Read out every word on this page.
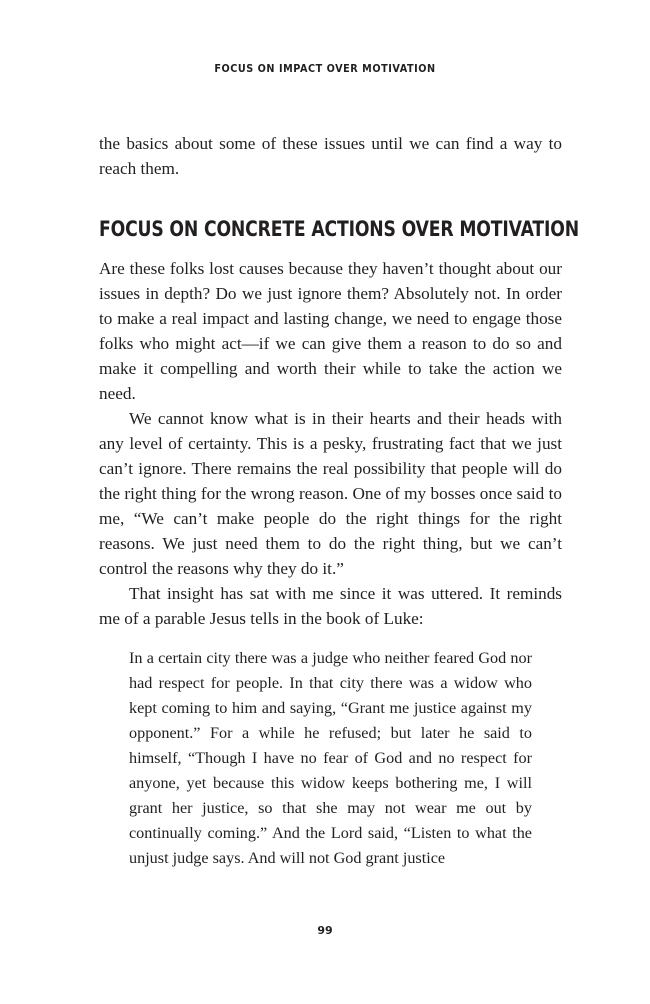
FOCUS ON IMPACT OVER MOTIVATION

the basics about some of these issues until we can find a way to reach them.

FOCUS ON CONCRETE ACTIONS OVER MOTIVATION

Are these folks lost causes because they haven’t thought about our issues in depth? Do we just ignore them? Absolutely not. In order to make a real impact and lasting change, we need to engage those folks who might act—if we can give them a reason to do so and make it compelling and worth their while to take the action we need.

We cannot know what is in their hearts and their heads with any level of certainty. This is a pesky, frustrating fact that we just can’t ignore. There remains the real possibility that people will do the right thing for the wrong reason. One of my bosses once said to me, “We can’t make people do the right things for the right reasons. We just need them to do the right thing, but we can’t control the reasons why they do it.”

That insight has sat with me since it was uttered. It reminds me of a parable Jesus tells in the book of Luke:

In a certain city there was a judge who neither feared God nor had respect for people. In that city there was a widow who kept coming to him and saying, “Grant me justice against my opponent.” For a while he refused; but later he said to himself, “Though I have no fear of God and no respect for anyone, yet because this widow keeps bothering me, I will grant her justice, so that she may not wear me out by continually coming.” And the Lord said, “Listen to what the unjust judge says. And will not God grant justice
99
